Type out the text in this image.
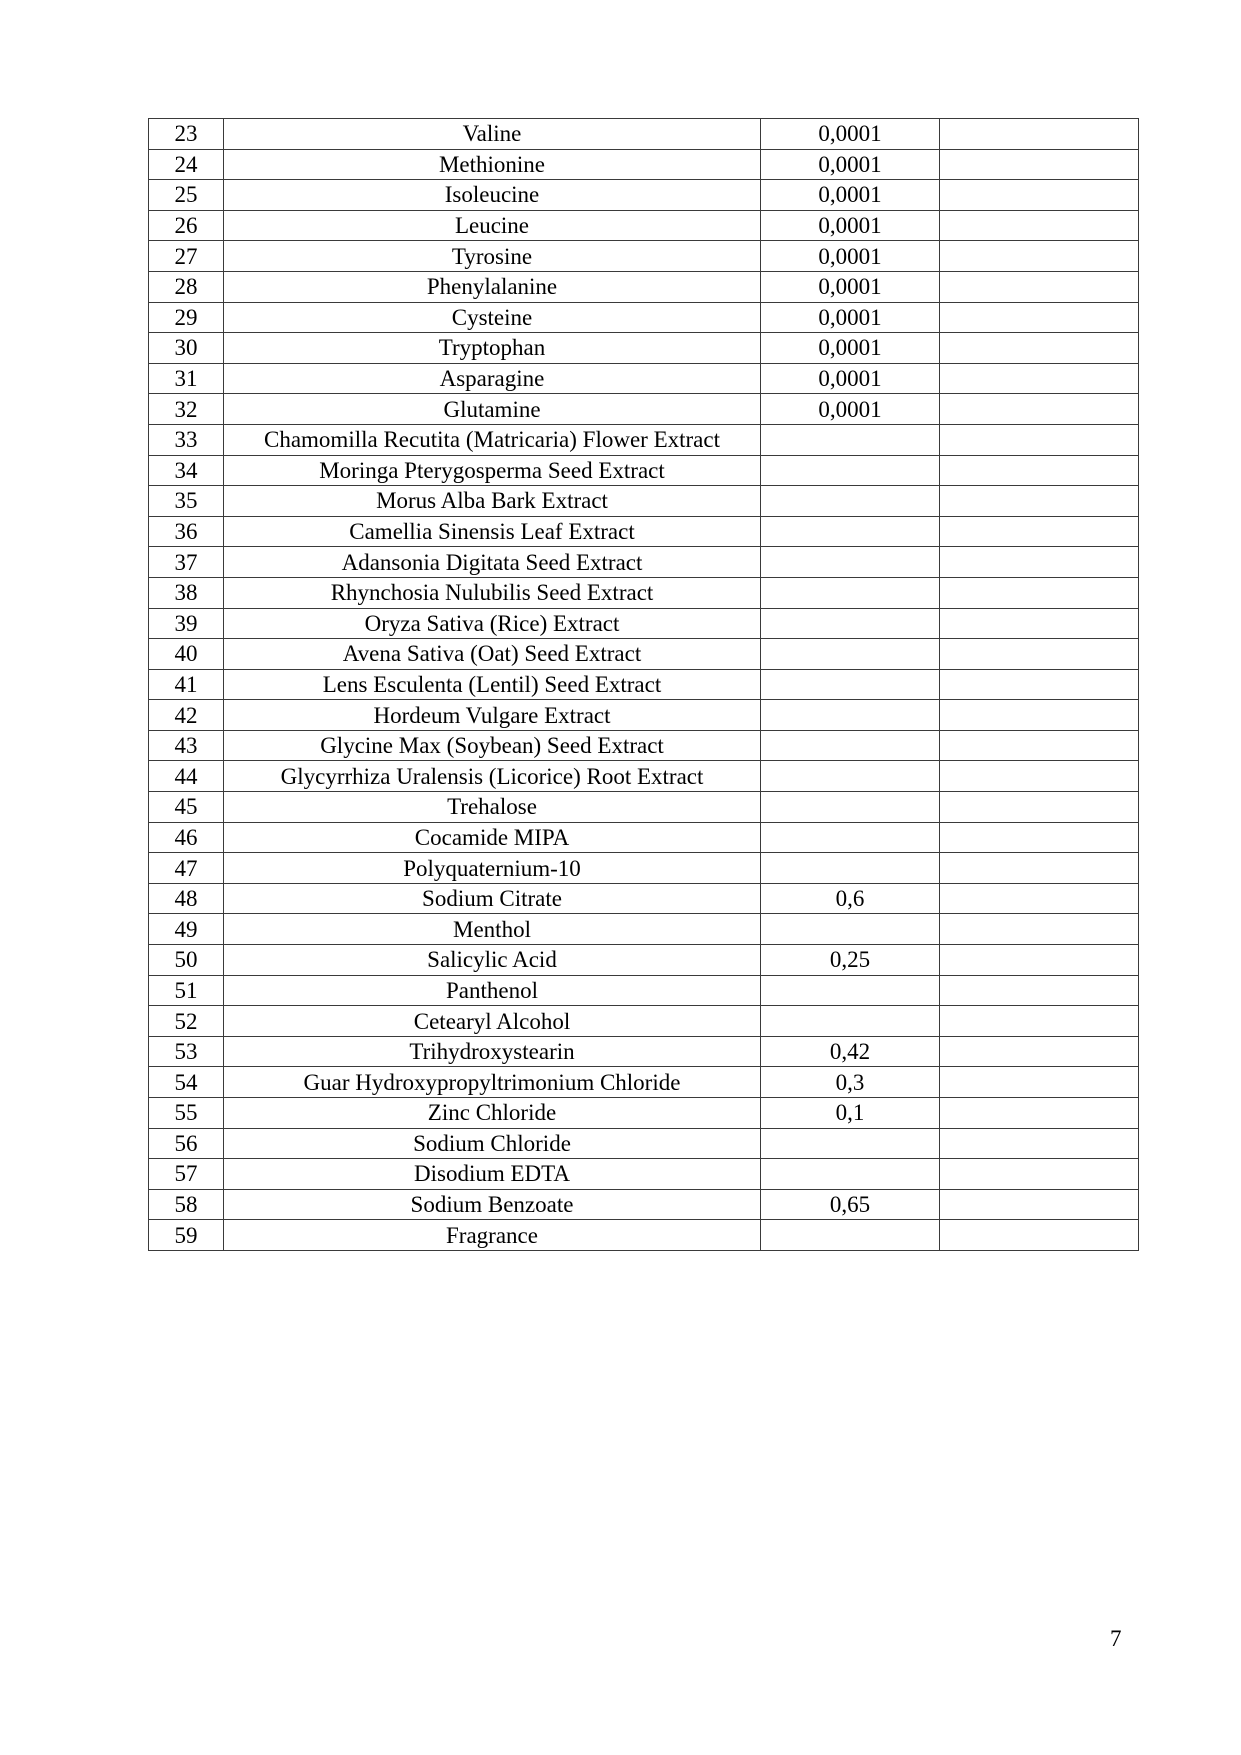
23	Valine	0,0001	
24	Methionine	0,0001	
25	Isoleucine	0,0001	
26	Leucine	0,0001	
27	Tyrosine	0,0001	
28	Phenylalanine	0,0001	
29	Cysteine	0,0001	
30	Tryptophan	0,0001	
31	Asparagine	0,0001	
32	Glutamine	0,0001	
33	Chamomilla Recutita (Matricaria) Flower Extract		
34	Moringa Pterygosperma Seed Extract		
35	Morus Alba Bark Extract		
36	Camellia Sinensis Leaf Extract		
37	Adansonia Digitata Seed Extract		
38	Rhynchosia Nulubilis Seed Extract		
39	Oryza Sativa (Rice) Extract		
40	Avena Sativa (Oat) Seed Extract		
41	Lens Esculenta (Lentil) Seed Extract		
42	Hordeum Vulgare Extract		
43	Glycine Max (Soybean) Seed Extract		
44	Glycyrrhiza Uralensis (Licorice) Root Extract		
45	Trehalose		
46	Cocamide MIPA		
47	Polyquaternium-10		
48	Sodium Citrate	0,6	
49	Menthol		
50	Salicylic Acid	0,25	
51	Panthenol		
52	Cetearyl Alcohol		
53	Trihydroxystearin	0,42	
54	Guar Hydroxypropyltrimonium Chloride	0,3	
55	Zinc Chloride	0,1	
56	Sodium Chloride		
57	Disodium EDTA		
58	Sodium Benzoate	0,65	
59	Fragrance		
7
